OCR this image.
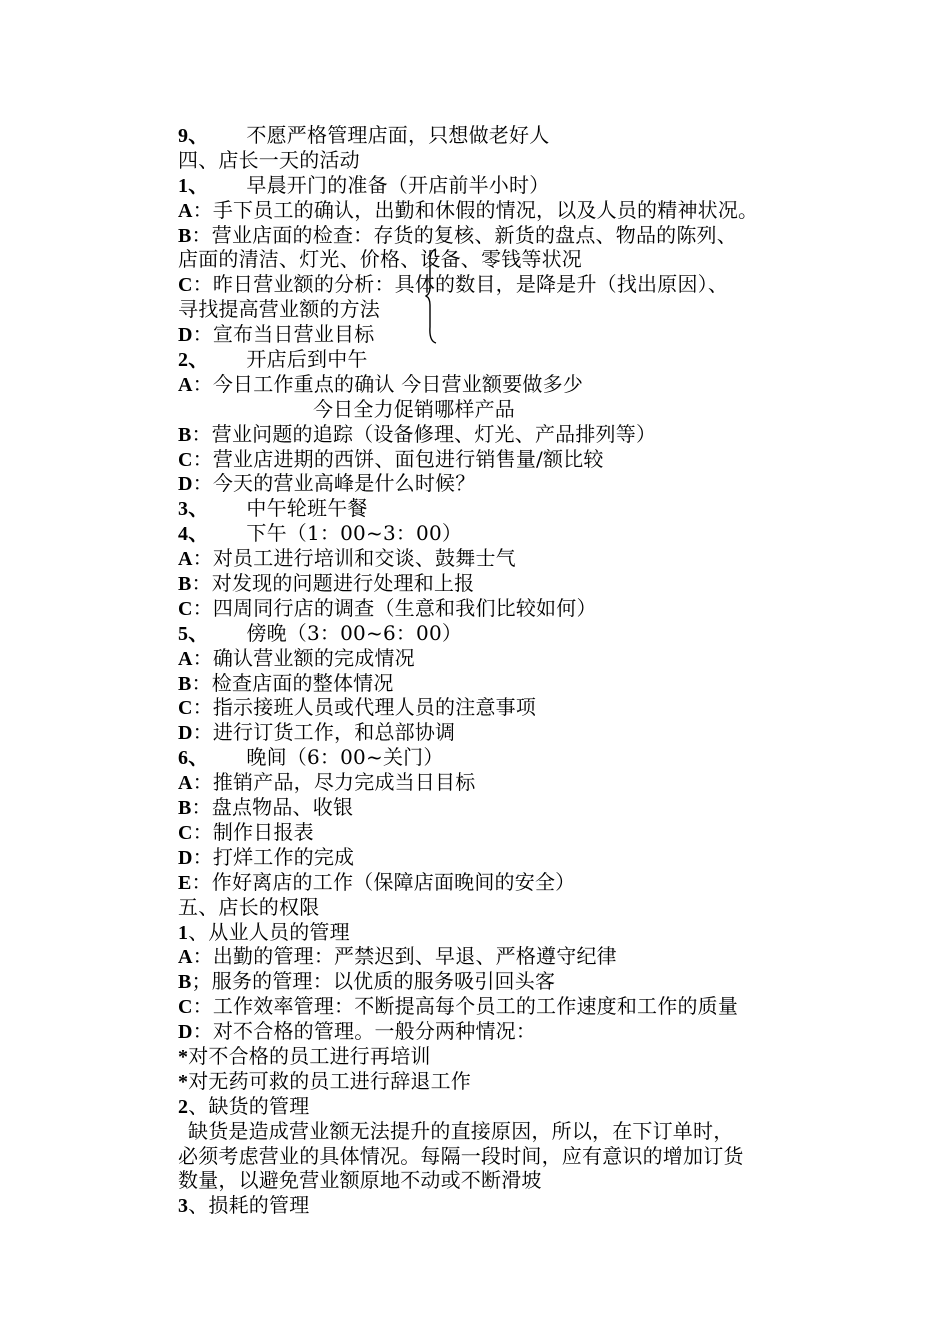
9、 不愿严格管理店面，只想做老好人
四、店长一天的活动
1、 早晨开门的准备（开店前半小时）
A：手下员工的确认，出勤和休假的情况，以及人员的精神状况。
B：营业店面的检查：存货的复核、新货的盘点、物品的陈列、
店面的清洁、灯光、价格、设备、零钱等状况
C：昨日营业额的分析：具体的数目，是降是升（找出原因）、
寻找提高营业额的方法
D：宣布当日营业目标
2、 开店后到中午
A：今日工作重点的确认 今日营业额要做多少
今日全力促销哪样产品
B：营业问题的追踪（设备修理、灯光、产品排列等）
C：营业店进期的西饼、面包进行销售量/额比较
D：今天的营业高峰是什么时候？
3、 中午轮班午餐
4、 下午（1：00~3：00）
A：对员工进行培训和交谈、鼓舞士气
B：对发现的问题进行处理和上报
C：四周同行店的调查（生意和我们比较如何）
5、 傍晚（3：00~6：00）
A：确认营业额的完成情况
B：检查店面的整体情况
C：指示接班人员或代理人员的注意事项
D：进行订货工作，和总部协调
6、 晚间（6：00~关门）
A：推销产品，尽力完成当日目标
B：盘点物品、收银
C：制作日报表
D：打烊工作的完成
E：作好离店的工作（保障店面晚间的安全）
五、店长的权限
1、从业人员的管理
A：出勤的管理：严禁迟到、早退、严格遵守纪律
B；服务的管理：以优质的服务吸引回头客
C：工作效率管理：不断提高每个员工的工作速度和工作的质量
D：对不合格的管理。一般分两种情况：
*对不合格的员工进行再培训
*对无药可救的员工进行辞退工作
2、缺货的管理
缺货是造成营业额无法提升的直接原因，所以，在下订单时，
必须考虑营业的具体情况。每隔一段时间，应有意识的增加订货
数量，以避免营业额原地不动或不断滑坡
3、损耗的管理
